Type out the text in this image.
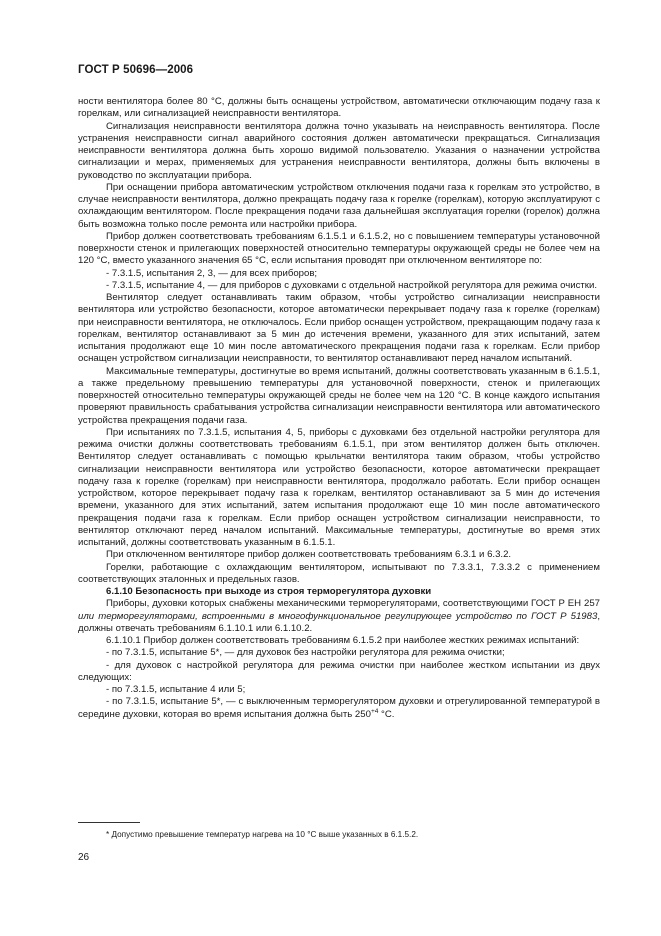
ГОСТ Р 50696—2006

ности вентилятора более 80 °С, должны быть оснащены устройством, автоматически отключающим подачу газа к горелкам, или сигнализацией неисправности вентилятора.

Сигнализация неисправности вентилятора должна точно указывать на неисправность вентилятора. После устранения неисправности сигнал аварийного состояния должен автоматически прекращаться. Сигнализация неисправности вентилятора должна быть хорошо видимой пользователю. Указания о назначении устройства сигнализации и мерах, применяемых для устранения неисправности вентилятора, должны быть включены в руководство по эксплуатации прибора.

При оснащении прибора автоматическим устройством отключения подачи газа к горелкам это устройство, в случае неисправности вентилятора, должно прекращать подачу газа к горелке (горелкам), которую эксплуатируют с охлаждающим вентилятором. После прекращения подачи газа дальнейшая эксплуатация горелки (горелок) должна быть возможна только после ремонта или настройки прибора.

Прибор должен соответствовать требованиям 6.1.5.1 и 6.1.5.2, но с повышением температуры установочной поверхности стенок и прилегающих поверхностей относительно температуры окружающей среды не более чем на 120 °С, вместо указанного значения 65 °С, если испытания проводят при отключенном вентиляторе по:

- 7.3.1.5, испытания 2, 3, — для всех приборов;

- 7.3.1.5, испытание 4, — для приборов с духовками с отдельной настройкой регулятора для режима очистки.

Вентилятор следует останавливать таким образом, чтобы устройство сигнализации неисправности вентилятора или устройство безопасности, которое автоматически перекрывает подачу газа к горелке (горелкам) при неисправности вентилятора, не отключалось. Если прибор оснащен устройством, прекращающим подачу газа к горелкам, вентилятор останавливают за 5 мин до истечения времени, указанного для этих испытаний, затем испытания продолжают еще 10 мин после автоматического прекращения подачи газа к горелкам. Если прибор оснащен устройством сигнализации неисправности, то вентилятор останавливают перед началом испытаний.

Максимальные температуры, достигнутые во время испытаний, должны соответствовать указанным в 6.1.5.1, а также предельному превышению температуры для установочной поверхности, стенок и прилегающих поверхностей относительно температуры окружающей среды не более чем на 120 °С. В конце каждого испытания проверяют правильность срабатывания устройства сигнализации неисправности вентилятора или автоматического устройства прекращения подачи газа.

При испытаниях по 7.3.1.5, испытания 4, 5, приборы с духовками без отдельной настройки регулятора для режима очистки должны соответствовать требованиям 6.1.5.1, при этом вентилятор должен быть отключен. Вентилятор следует останавливать с помощью крыльчатки вентилятора таким образом, чтобы устройство сигнализации неисправности вентилятора или устройство безопасности, которое автоматически прекращает подачу газа к горелке (горелкам) при неисправности вентилятора, продолжало работать. Если прибор оснащен устройством, которое перекрывает подачу газа к горелкам, вентилятор останавливают за 5 мин до истечения времени, указанного для этих испытаний, затем испытания продолжают еще 10 мин после автоматического прекращения подачи газа к горелкам. Если прибор оснащен устройством сигнализации неисправности, то вентилятор отключают перед началом испытаний. Максимальные температуры, достигнутые во время этих испытаний, должны соответствовать указанным в 6.1.5.1.

При отключенном вентиляторе прибор должен соответствовать требованиям 6.3.1 и 6.3.2.

Горелки, работающие с охлаждающим вентилятором, испытывают по 7.3.3.1, 7.3.3.2 с применением соответствующих эталонных и предельных газов.

6.1.10 Безопасность при выходе из строя терморегулятора духовки

Приборы, духовки которых снабжены механическими терморегуляторами, соответствующими ГОСТ Р ЕН 257 или терморегуляторами, встроенными в многофункциональное регулирующее устройство по ГОСТ Р 51983, должны отвечать требованиям 6.1.10.1 или 6.1.10.2.

6.1.10.1 Прибор должен соответствовать требованиям 6.1.5.2 при наиболее жестких режимах испытаний:

- по 7.3.1.5, испытание 5*, — для духовок без настройки регулятора для режима очистки;

- для духовок с настройкой регулятора для режима очистки при наиболее жестком испытании из двух следующих:

- по 7.3.1.5, испытание 4 или 5;

- по 7.3.1.5, испытание 5*, — с выключенным терморегулятором духовки и отрегулированной температурой в середине духовки, которая во время испытания должна быть $250^{+4}$ °С.

* Допустимо превышение температур нагрева на 10 °С выше указанных в 6.1.5.2.
26
